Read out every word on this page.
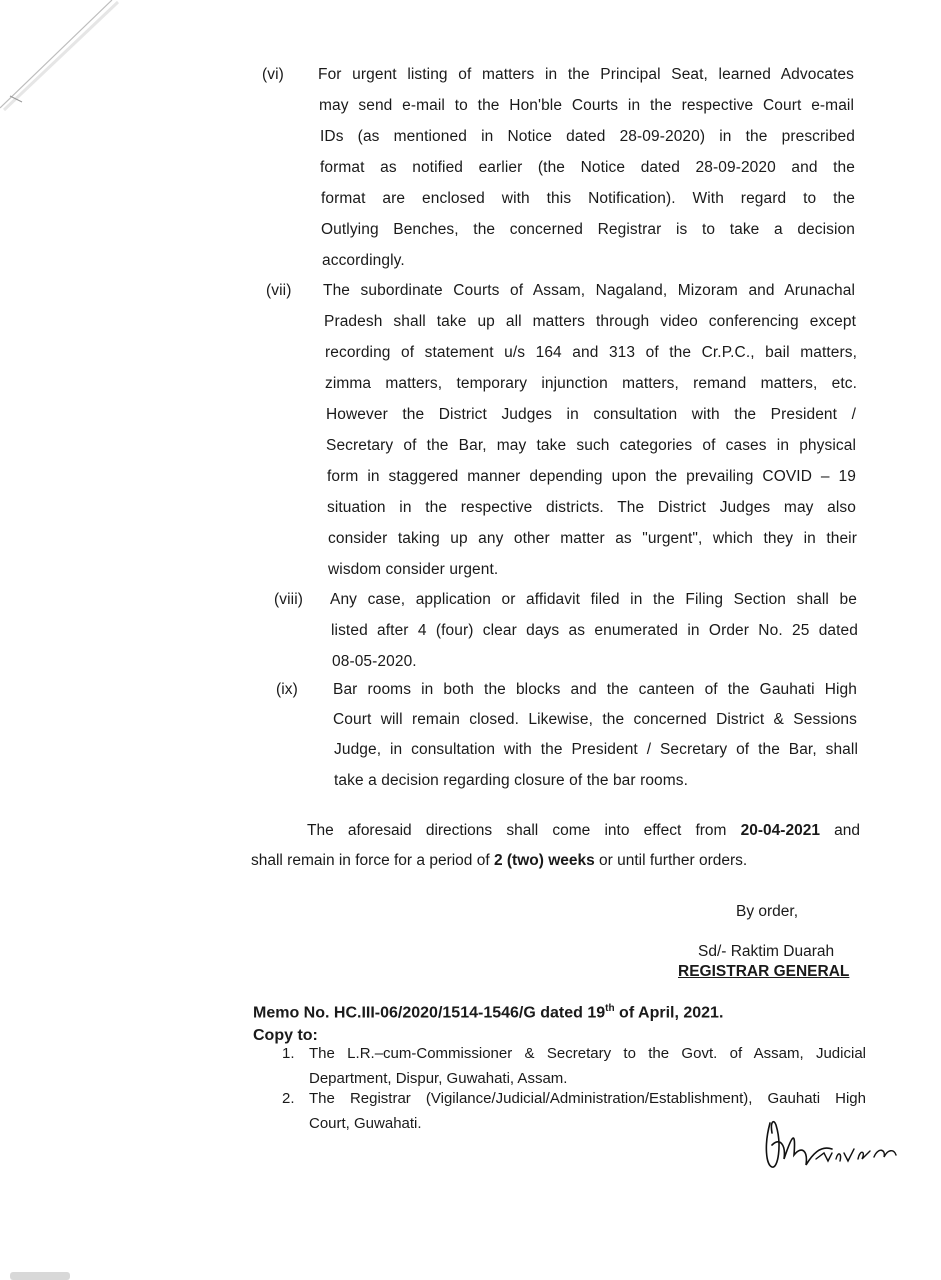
(vi) For urgent listing of matters in the Principal Seat, learned Advocates
may send e-mail to the Hon'ble Courts in the respective Court e-mail
IDs (as mentioned in Notice dated 28-09-2020) in the prescribed
format as notified earlier (the Notice dated 28-09-2020 and the
format are enclosed with this Notification). With regard to the
Outlying Benches, the concerned Registrar is to take a decision
accordingly.
(vii) The subordinate Courts of Assam, Nagaland, Mizoram and Arunachal
Pradesh shall take up all matters through video conferencing except
recording of statement u/s 164 and 313 of the Cr.P.C., bail matters,
zimma matters, temporary injunction matters, remand matters, etc.
However the District Judges in consultation with the President /
Secretary of the Bar, may take such categories of cases in physical
form in staggered manner depending upon the prevailing COVID – 19
situation in the respective districts. The District Judges may also
consider taking up any other matter as "urgent", which they in their
wisdom consider urgent.
(viii) Any case, application or affidavit filed in the Filing Section shall be
listed after 4 (four) clear days as enumerated in Order No. 25 dated
08-05-2020.
(ix) Bar rooms in both the blocks and the canteen of the Gauhati High
Court will remain closed. Likewise, the concerned District & Sessions
Judge, in consultation with the President / Secretary of the Bar, shall
take a decision regarding closure of the bar rooms.
The aforesaid directions shall come into effect from 20-04-2021 and
shall remain in force for a period of 2 (two) weeks or until further orders.
By order,
Sd/- Raktim Duarah
REGISTRAR GENERAL
Memo No. HC.III-06/2020/1514-1546/G dated 19th of April, 2021.
Copy to:
1. The L.R.–cum-Commissioner & Secretary to the Govt. of Assam, Judicial
Department, Dispur, Guwahati, Assam.
2. The Registrar (Vigilance/Judicial/Administration/Establishment), Gauhati High
Court, Guwahati.
